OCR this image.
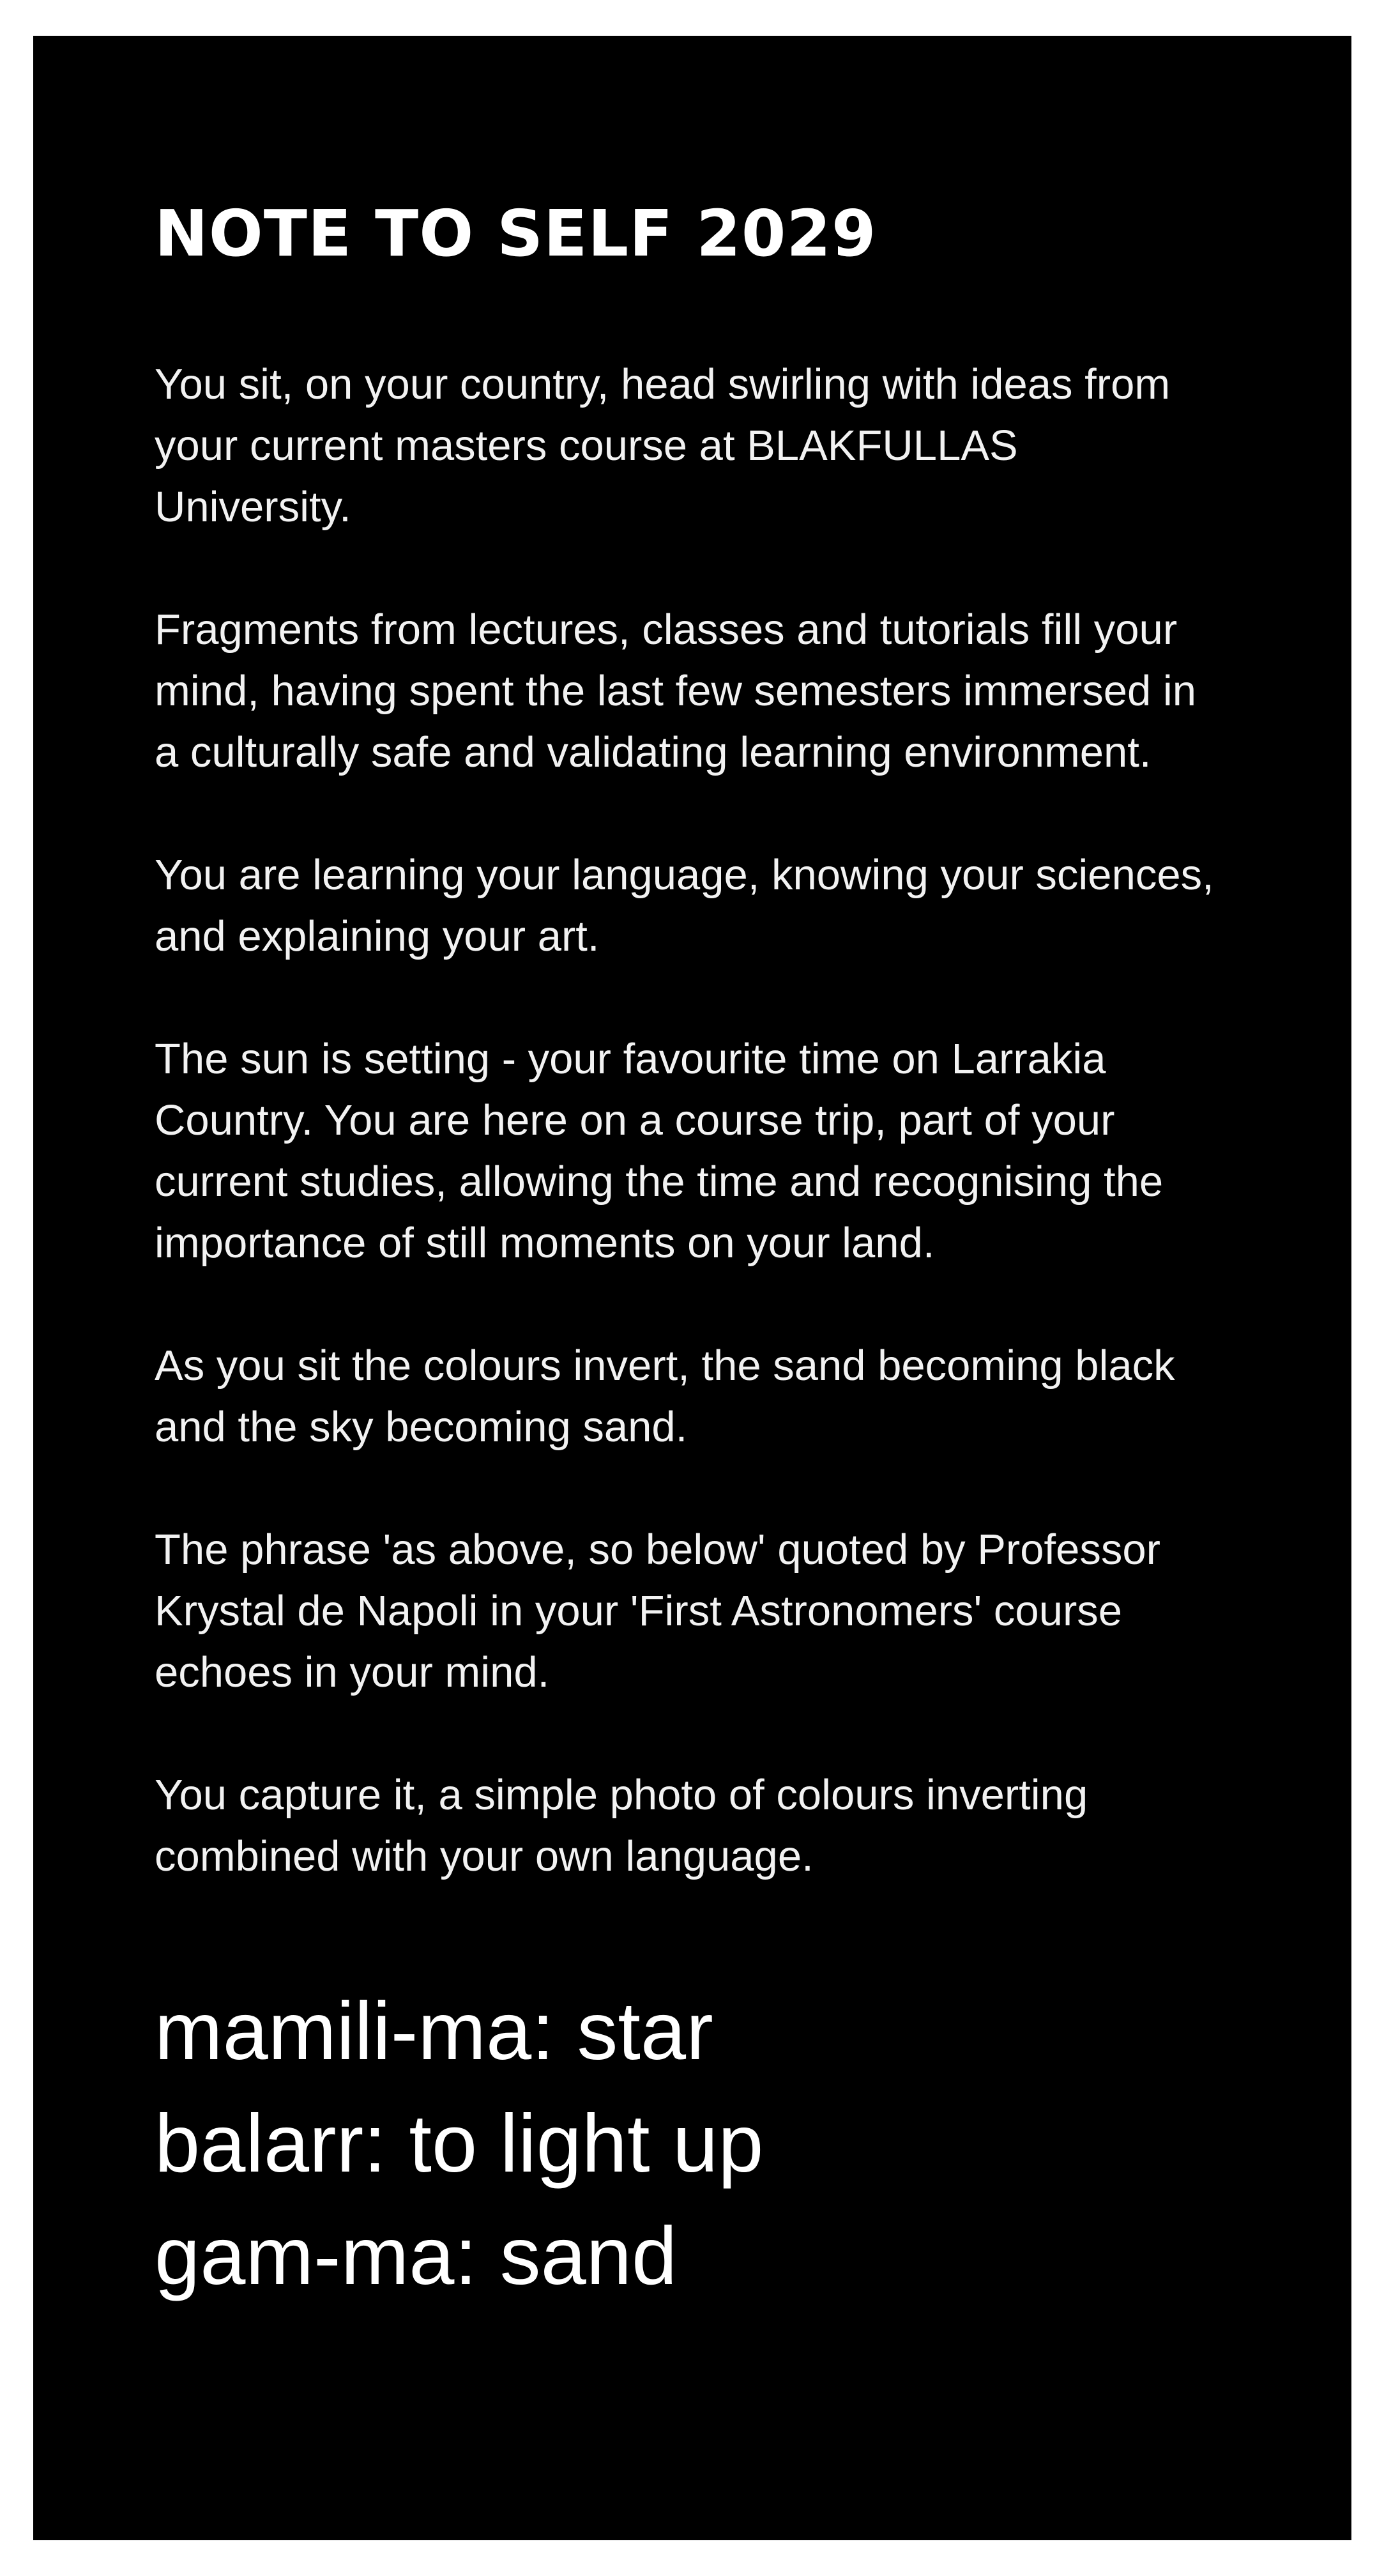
NOTE TO SELF 2029

You sit, on your country, head swirling with ideas from your current masters course at BLAKFULLAS University.

Fragments from lectures, classes and tutorials fill your mind, having spent the last few semesters immersed in a culturally safe and validating learning environment.

You are learning your language, knowing your sciences, and explaining your art.

The sun is setting - your favourite time on Larrakia Country. You are here on a course trip, part of your current studies, allowing the time and recognising the importance of still moments on your land.

As you sit the colours invert, the sand becoming black and the sky becoming sand.

The phrase 'as above, so below' quoted by Professor Krystal de Napoli in your 'First Astronomers' course echoes in your mind.

You capture it, a simple photo of colours inverting combined with your own language.

mamili-ma: star
balarr: to light up
gam-ma: sand
